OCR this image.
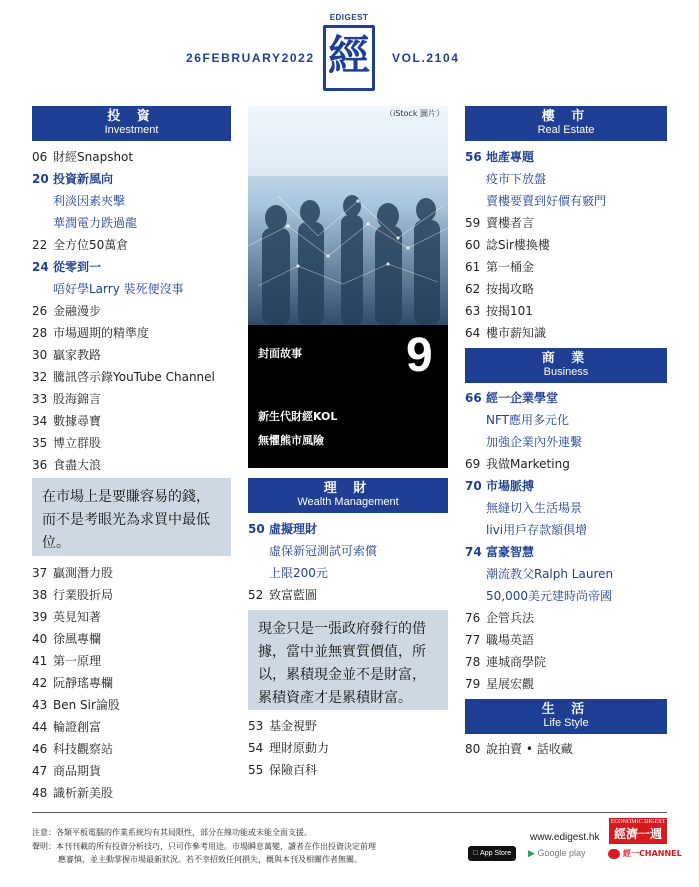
26FEBRUARY2022
EDIGEST
經	VOL.2104
投 資
Investment
06 財經Snapshot
20 投資新風向
利淡因素夾擊
華潤電力跌過龍
22 全方位50萬倉
24 從零到一
唔好學Larry 裝死便沒事
26 金融漫步
28 市場週期的精準度
30 贏家教路
32 騰訊啓示錄YouTube Channel
33 股海錦言
34 數據尋寶
35 博立群股
36 食盡大浪
在市場上是要賺容易的錢，而不是考眼光為求買中最低位。
37 贏測潛力股
38 行業股折局
39 英見知著
40 徐風專欄
41 第一原理
42 阮靜瑤專欄
43 Ben Sir論股
44 輪證創富
46 科技觀察站
47 商品期貨
48 識析新美股
（iStock 圖片）
封面故事 9
新生代財經KOL
無懼熊市風險
理 財
Wealth Management
50 虛擬理財
虛保新冠測試可索償
上限200元
52 致富藍圖
現金只是一張政府發行的借據，當中並無實質價值，所以，累積現金並不是財富，累積資產才是累積財富。
53 基金視野
54 理財原動力
55 保險百科
樓 市
Real Estate
56 地產專題
疫市下放盤
賣樓要賣到好價有竅門
59 賣樓者言
60 諗Sir樓換樓
61 第一桶金
62 按揭攻略
63 按揭101
64 樓市薪知識
商 業
Business
66 經一企業學堂
NFT應用多元化
加強企業內外連繫
69 我做Marketing
70 市場脈搏
無縫切入生活場景
livi用戶存款額倶增
74 富豪智慧
潮流教父Ralph Lauren
50,000美元建時尚帝國
76 企管兵法
77 職場英語
78 連城商學院
79 星展宏觀
生 活
Life Style
80 說拍賣 • 話收藏
注意：各類平板電腦的作業系統均有其局限性，部分在線功能或未能全面支援。
聲明：本刊刊載的所有投資分析技巧，只可作參考用途。市場瞬息萬變，讀者在作出投資決定前理
應審慎，並主動掌握市場最新狀況。若不幸招致任何損失，概與本刊及相關作者無關。
www.edigest.hk
ECONOMIC DIGEST
經濟一週
App Store	▶ Google play	經一CHANNEL
